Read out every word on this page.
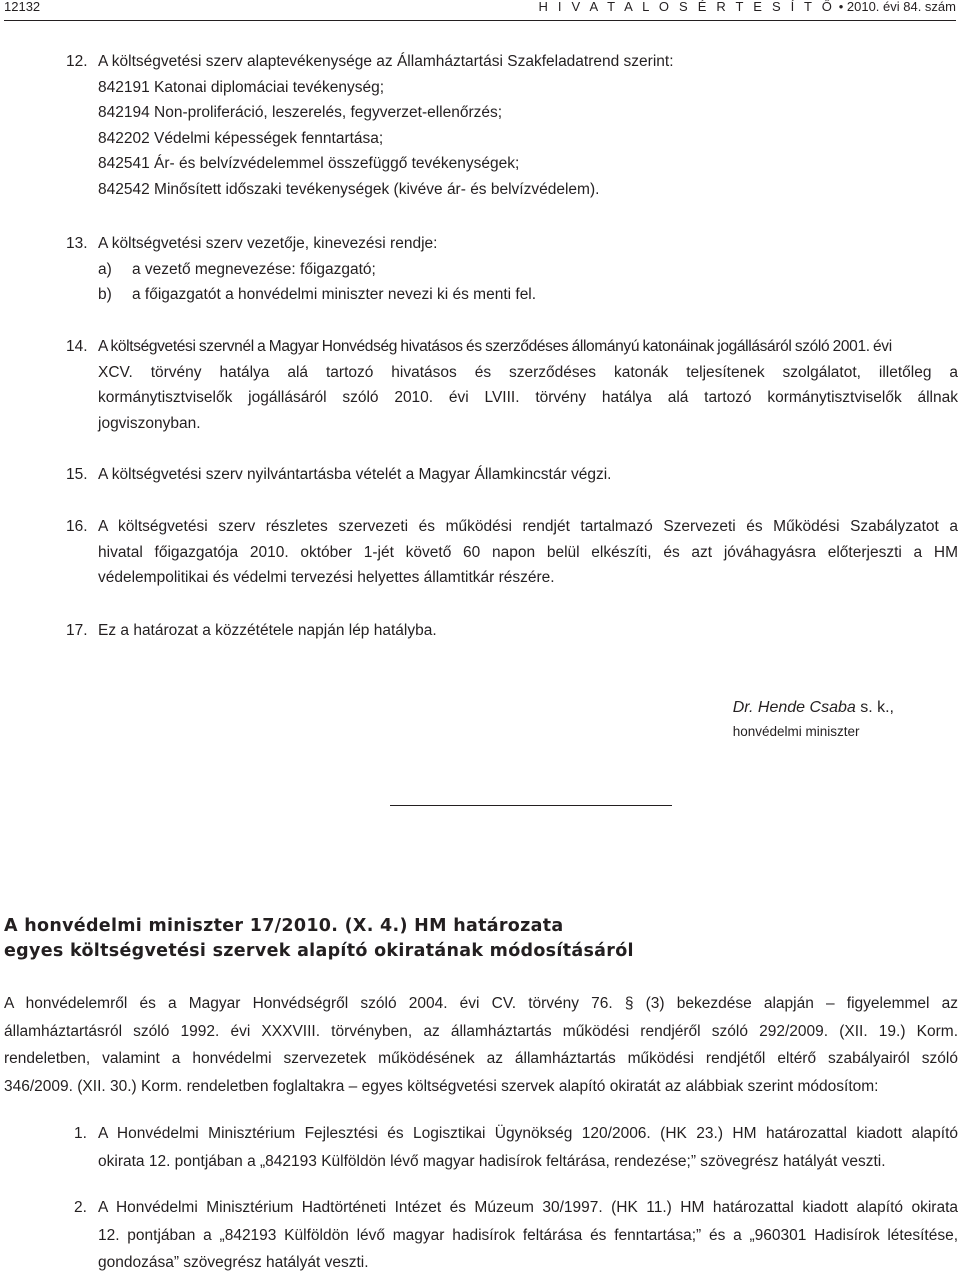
12132	H I V A T A L O S É R T E S Í T Ő • 2010. évi 84. szám
12. A költségvetési szerv alaptevékenysége az Államháztartási Szakfeladatrend szerint:
842191 Katonai diplomáciai tevékenység;
842194 Non-proliferáció, leszerelés, fegyverzet-ellenőrzés;
842202 Védelmi képességek fenntartása;
842541 Ár- és belvízvédelemmel összefüggő tevékenységek;
842542 Minősített időszaki tevékenységek (kivéve ár- és belvízvédelem).
13. A költségvetési szerv vezetője, kinevezési rendje:
a) a vezető megnevezése: főigazgató;
b) a főigazgatót a honvédelmi miniszter nevezi ki és menti fel.
14. A költségvetési szervnél a Magyar Honvédség hivatásos és szerződéses állományú katonáinak jogállásáról szóló 2001. évi
XCV. törvény hatálya alá tartozó hivatásos és szerződéses katonák teljesítenek szolgálatot, illetőleg a
kormánytisztviselők jogállásáról szóló 2010. évi LVIII. törvény hatálya alá tartozó kormánytisztviselők állnak
jogviszonyban.
15. A költségvetési szerv nyilvántartásba vételét a Magyar Államkincstár végzi.
16. A költségvetési szerv részletes szervezeti és működési rendjét tartalmazó Szervezeti és Működési Szabályzatot a
hivatal főigazgatója 2010. október 1-jét követő 60 napon belül elkészíti, és azt jóváhagyásra előterjeszti a HM
védelempolitikai és védelmi tervezési helyettes államtitkár részére.
17. Ez a határozat a közzététele napján lép hatályba.
Dr. Hende Csaba s. k.,
honvédelmi miniszter
A honvédelmi miniszter 17/2010. (X. 4.) HM határozata
egyes költségvetési szervek alapító okiratának módosításáról
A honvédelemről és a Magyar Honvédségről szóló 2004. évi CV. törvény 76. § (3) bekezdése alapján – figyelemmel az
államháztartásról szóló 1992. évi XXXVIII. törvényben, az államháztartás működési rendjéről szóló 292/2009. (XII. 19.) Korm.
rendeletben, valamint a honvédelmi szervezetek működésének az államháztartás működési rendjétől eltérő szabályairól szóló
346/2009. (XII. 30.) Korm. rendeletben foglaltakra – egyes költségvetési szervek alapító okiratát az alábbiak szerint módosítom:
1. A Honvédelmi Minisztérium Fejlesztési és Logisztikai Ügynökség 120/2006. (HK 23.) HM határozattal kiadott alapító
okirata 12. pontjában a „842193 Külföldön lévő magyar hadisírok feltárása, rendezése;” szövegrész hatályát veszti.
2. A Honvédelmi Minisztérium Hadtörténeti Intézet és Múzeum 30/1997. (HK 11.) HM határozattal kiadott alapító okirata
12. pontjában a „842193 Külföldön lévő magyar hadisírok feltárása és fenntartása;” és a „960301 Hadisírok létesítése,
gondozása” szövegrész hatályát veszti.
